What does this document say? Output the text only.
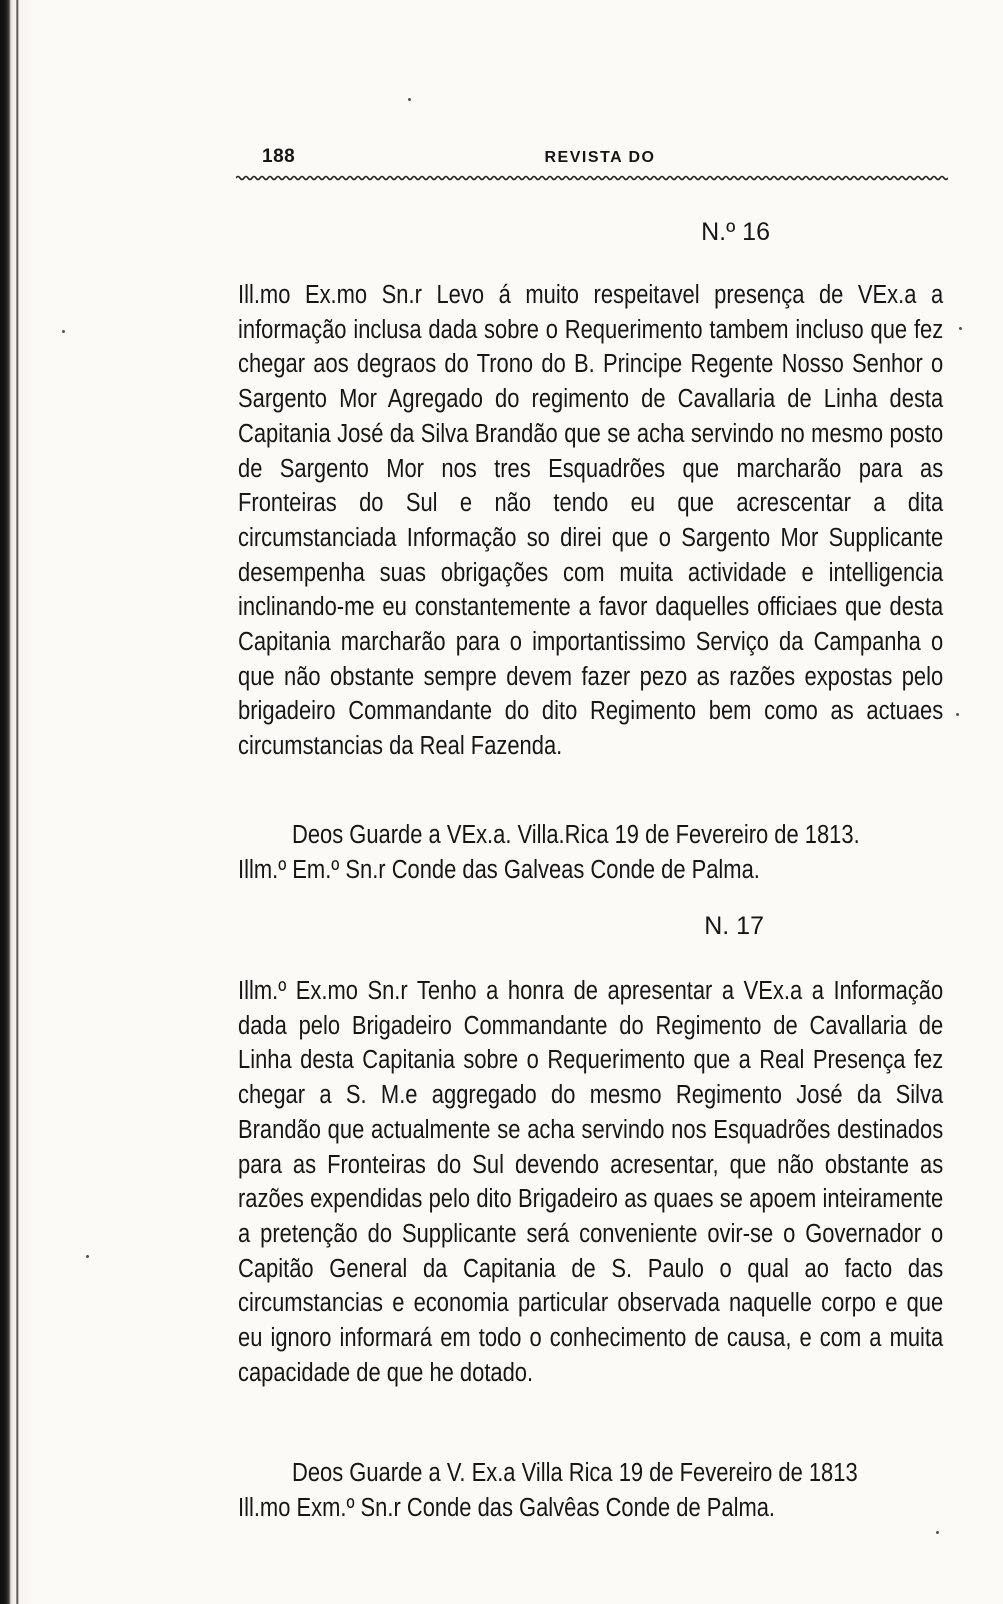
188	REVISTA DO
N.º 16
Ill.mo Ex.mo Sn.r Levo á muito respeitavel presença de VEx.a a informação inclusa dada sobre o Requerimento tambem incluso que fez chegar aos degraos do Trono do B. Principe Regente Nosso Senhor o Sargento Mor Agregado do regimento de Cavallaria de Linha desta Capitania José da Silva Brandão que se acha servindo no mesmo posto de Sargento Mor nos tres Esquadrões que marcharão para as Fronteiras do Sul e não tendo eu que acrescentar a dita circumstanciada Informação so direi que o Sargento Mor Supplicante desempenha suas obrigações com muita actividade e intelligencia inclinando-me eu constantemente a favor daquelles officiaes que desta Capitania marcharão para o importantissimo Serviço da Campanha o que não obstante sempre devem fazer pezo as razões expostas pelo brigadeiro Commandante do dito Regimento bem como as actuaes circumstancias da Real Fazenda.
Deos Guarde a VEx.a. Villa.Rica 19 de Fevereiro de 1813.
Illm.º Em.º Sn.r Conde das Galveas Conde de Palma.
N. 17
Illm.º Ex.mo Sn.r Tenho a honra de apresentar a VEx.a a Informação dada pelo Brigadeiro Commandante do Regimento de Cavallaria de Linha desta Capitania sobre o Requerimento que a Real Presença fez chegar a S. M.e aggregado do mesmo Regimento José da Silva Brandão que actualmente se acha servindo nos Esquadrões destinados para as Fronteiras do Sul devendo acresentar, que não obstante as razões expendidas pelo dito Brigadeiro as quaes se apoem inteiramente a pretenção do Supplicante será conveniente ovir-se o Governador o Capitão General da Capitania de S. Paulo o qual ao facto das circumstancias e economia particular observada naquelle corpo e que eu ignoro informará em todo o conhecimento de causa, e com a muita capacidade de que he dotado.
Deos Guarde a V. Ex.a Villa Rica 19 de Fevereiro de 1813
Ill.mo Exm.º Sn.r Conde das Galvêas Conde de Palma.
